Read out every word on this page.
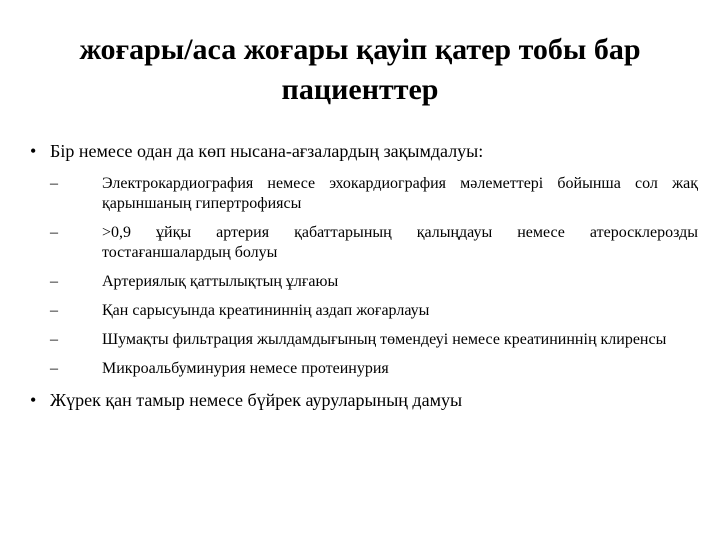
жоғары/аса жоғары қауіп қатер тобы бар
пациенттер
• Бір немесе одан да көп нысана-ағзалардың зақымдалуы:
–	Электрокардиография немесе эхокардиография мәлеметтері бойынша сол жақ қарыншаның гипертрофиясы
–	>0,9 ұйқы артерия қабаттарының қалыңдауы немесе атеросклерозды тостағаншалардың болуы
–	Артериялық қаттылықтың ұлғаюы
–	Қан сарысуында креатининнің аздап жоғарлауы
–	Шумақты фильтрация жылдамдығының төмендеуі немесе креатининнің клиренсы
–	Микроальбуминурия немесе протеинурия
• Жүрек қан тамыр немесе бүйрек ауруларының дамуы
